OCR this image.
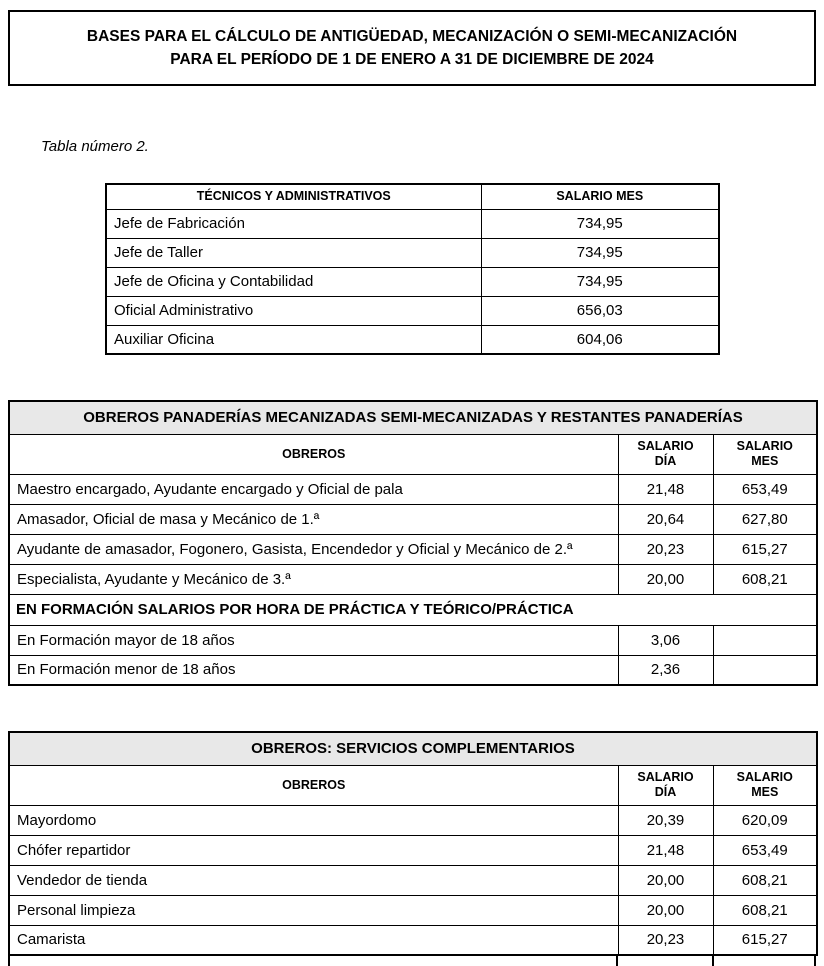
BASES PARA EL CÁLCULO DE ANTIGÜEDAD, MECANIZACIÓN O SEMI-MECANIZACIÓN
PARA EL PERÍODO DE 1 DE ENERO A 31 DE DICIEMBRE DE 2024
Tabla número 2.
TÉCNICOS Y ADMINISTRATIVOS	SALARIO MES
Jefe de Fabricación	734,95
Jefe de Taller	734,95
Jefe de Oficina y Contabilidad	734,95
Oficial Administrativo	656,03
Auxiliar Oficina	604,06
OBREROS PANADERÍAS MECANIZADAS SEMI-MECANIZADAS Y RESTANTES PANADERÍAS		
OBREROS	SALARIO DÍA	SALARIO MES
Maestro encargado, Ayudante encargado y Oficial de pala	21,48	653,49
Amasador, Oficial de masa y Mecánico de 1.ª	20,64	627,80
Ayudante de amasador, Fogonero, Gasista, Encendedor y Oficial y Mecánico de 2.ª	20,23	615,27
Especialista, Ayudante y Mecánico de 3.ª	20,00	608,21
EN FORMACIÓN SALARIOS POR HORA DE PRÁCTICA Y TEÓRICO/PRÁCTICA		
En Formación mayor de 18 años	3,06	
En Formación menor de 18 años	2,36	
OBREROS: SERVICIOS COMPLEMENTARIOS		
OBREROS	SALARIO DÍA	SALARIO MES
Mayordomo	20,39	620,09
Chófer repartidor	21,48	653,49
Vendedor de tienda	20,00	608,21
Personal limpieza	20,00	608,21
Camarista	20,23	615,27
